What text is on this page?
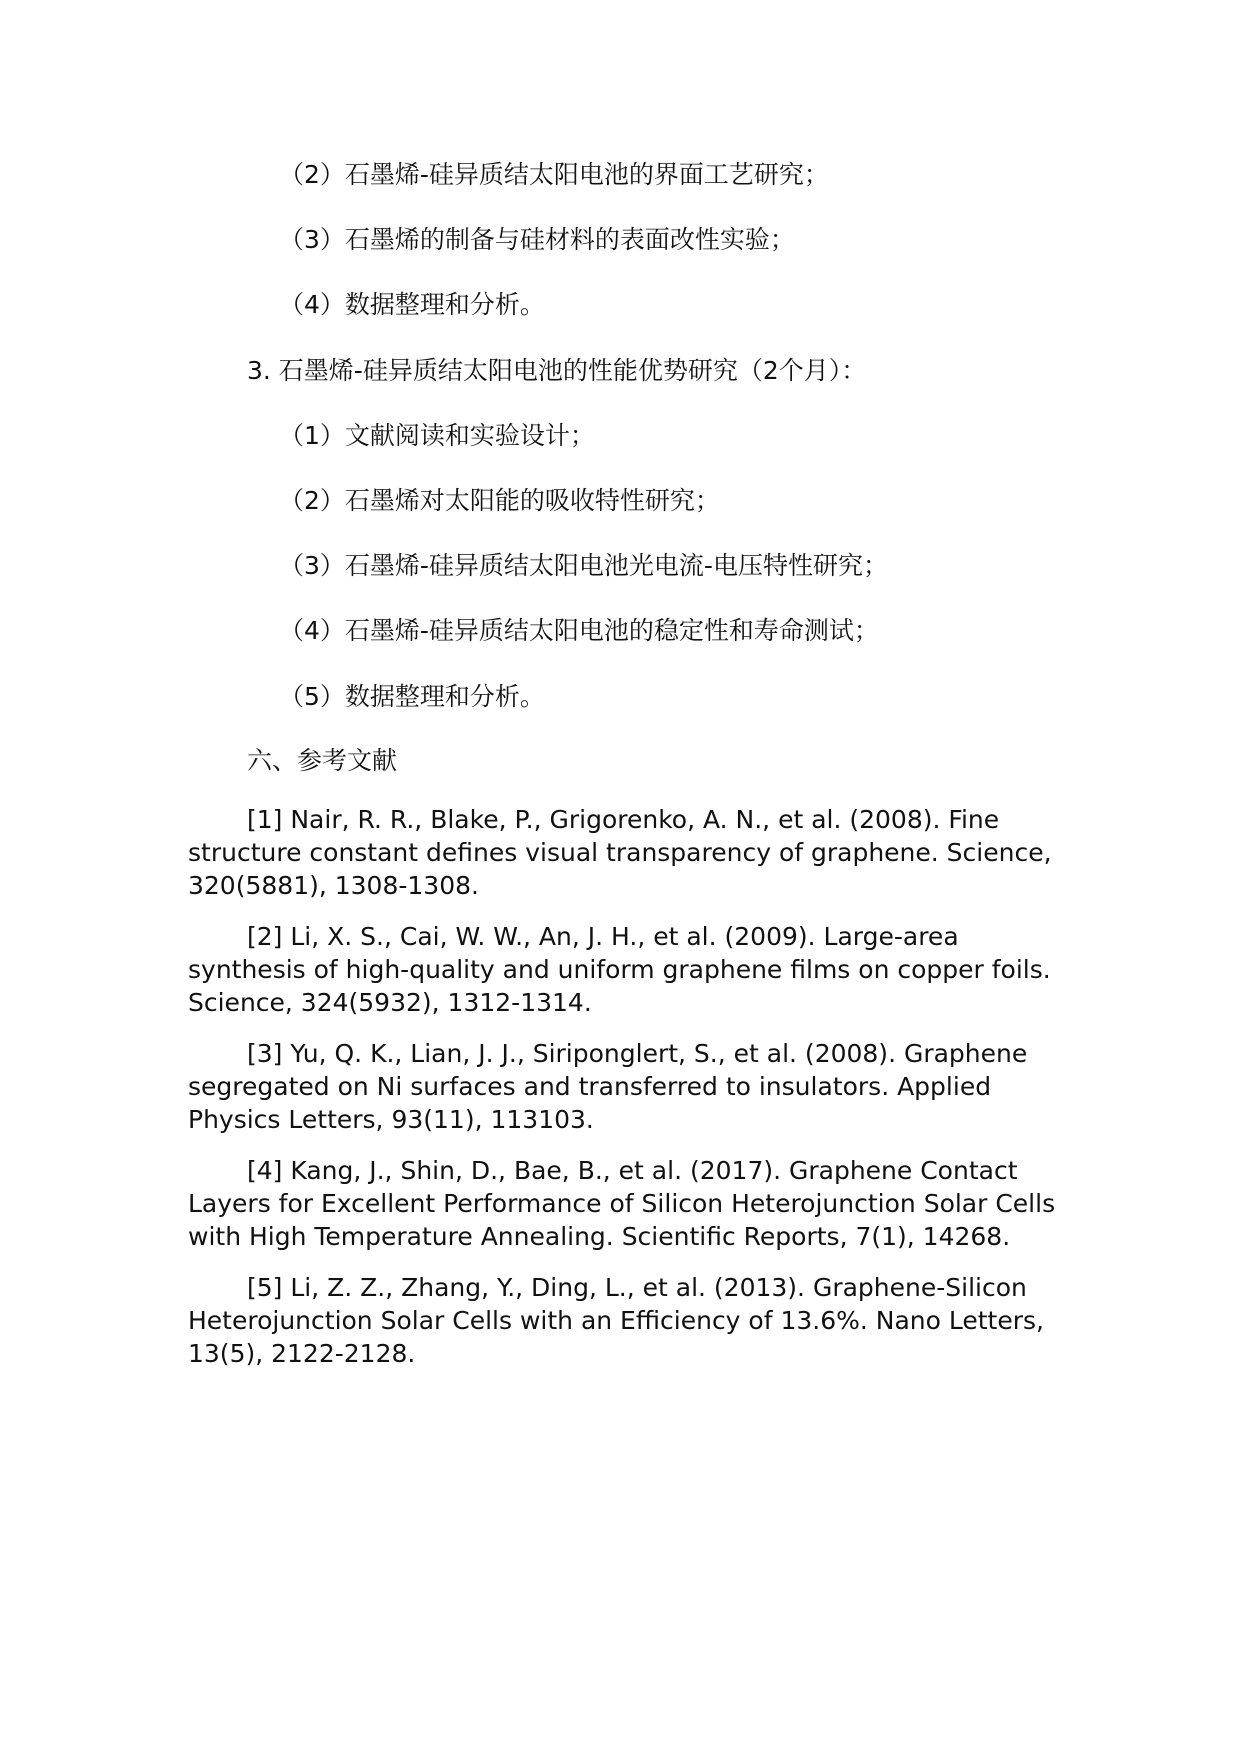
（2）石墨烯-硅异质结太阳电池的界面工艺研究；
（3）石墨烯的制备与硅材料的表面改性实验；
（4）数据整理和分析。
3. 石墨烯-硅异质结太阳电池的性能优势研究（2个月）：
（1）文献阅读和实验设计；
（2）石墨烯对太阳能的吸收特性研究；
（3）石墨烯-硅异质结太阳电池光电流-电压特性研究；
（4）石墨烯-硅异质结太阳电池的稳定性和寿命测试；
（5）数据整理和分析。
六、参考文献
[1] Nair, R. R., Blake, P., Grigorenko, A. N., et al. (2008). Fine structure constant defines visual transparency of graphene. Science, 320(5881), 1308-1308.
[2] Li, X. S., Cai, W. W., An, J. H., et al. (2009). Large-area synthesis of high-quality and uniform graphene films on copper foils. Science, 324(5932), 1312-1314.
[3] Yu, Q. K., Lian, J. J., Siriponglert, S., et al. (2008). Graphene segregated on Ni surfaces and transferred to insulators. Applied Physics Letters, 93(11), 113103.
[4] Kang, J., Shin, D., Bae, B., et al. (2017). Graphene Contact Layers for Excellent Performance of Silicon Heterojunction Solar Cells with High Temperature Annealing. Scientific Reports, 7(1), 14268.
[5] Li, Z. Z., Zhang, Y., Ding, L., et al. (2013). Graphene-Silicon Heterojunction Solar Cells with an Efficiency of 13.6%. Nano Letters, 13(5), 2122-2128.
